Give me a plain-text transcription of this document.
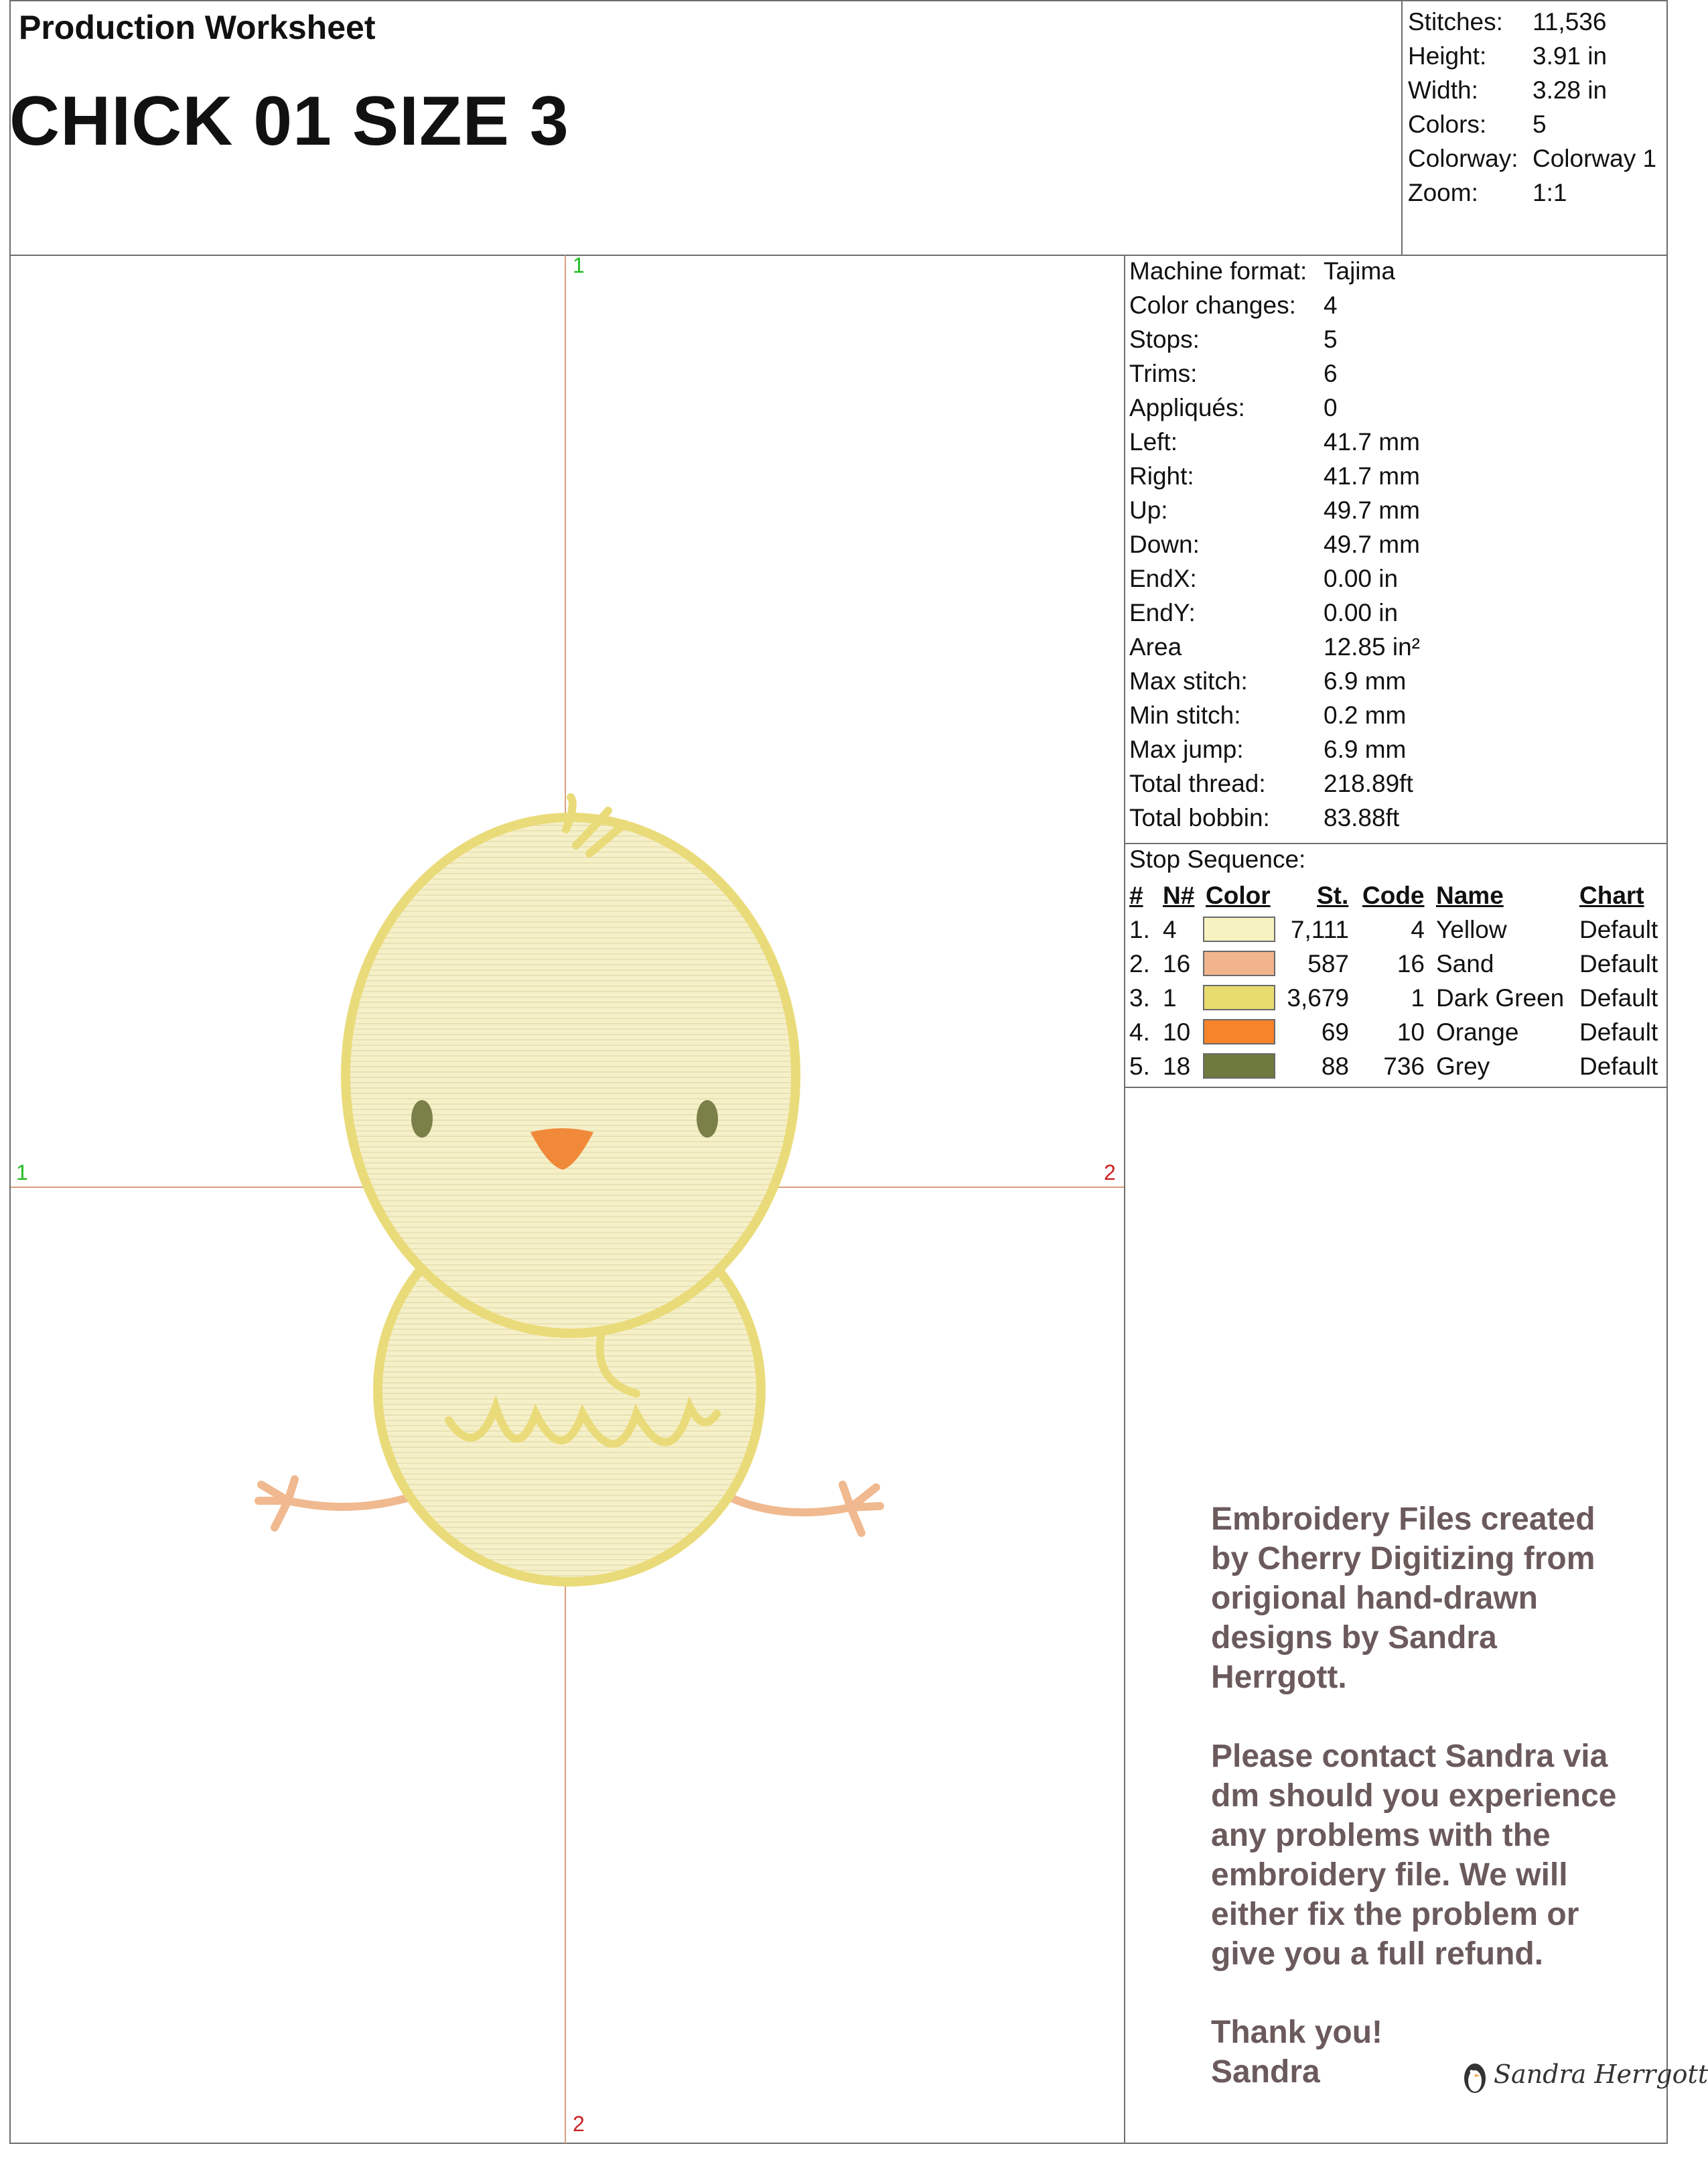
Production Worksheet
CHICK 01 SIZE 3
Stitches: 11,536
Height: 3.91 in
Width: 3.28 in
Colors: 5
Colorway: Colorway 1
Zoom: 1:1
Machine format: Tajima
Color changes: 4
Stops:	5
Trims:	6
Appliqués:	0
Left:	41.7 mm
Right:	41.7 mm
Up:	49.7 mm
Down:	49.7 mm
EndX:	0.00 in
EndY:	0.00 in
Area	12.85 in²
Max stitch:	6.9 mm
Min stitch:	0.2 mm
Max jump:	6.9 mm
Total thread: 218.89ft
Total bobbin: 83.88ft
Stop Sequence:
# N# Color St. Code Name	Chart
1. 4	7,111 4 Yellow	Default
2. 16	587 16 Sand	Default
3. 1	3,679 1 Dark Green Default
4. 10	69 10 Orange Default
5. 18	88 736 Grey	Default
1
1	2
2
Embroidery Files created
by Cherry Digitizing from
origional hand-drawn
designs by Sandra
Herrgott.
Please contact Sandra via
dm should you experience
any problems with the
embroidery file. We will
either fix the problem or
give you a full refund.
Thank you!
Sandra	Sandra Herrgott
